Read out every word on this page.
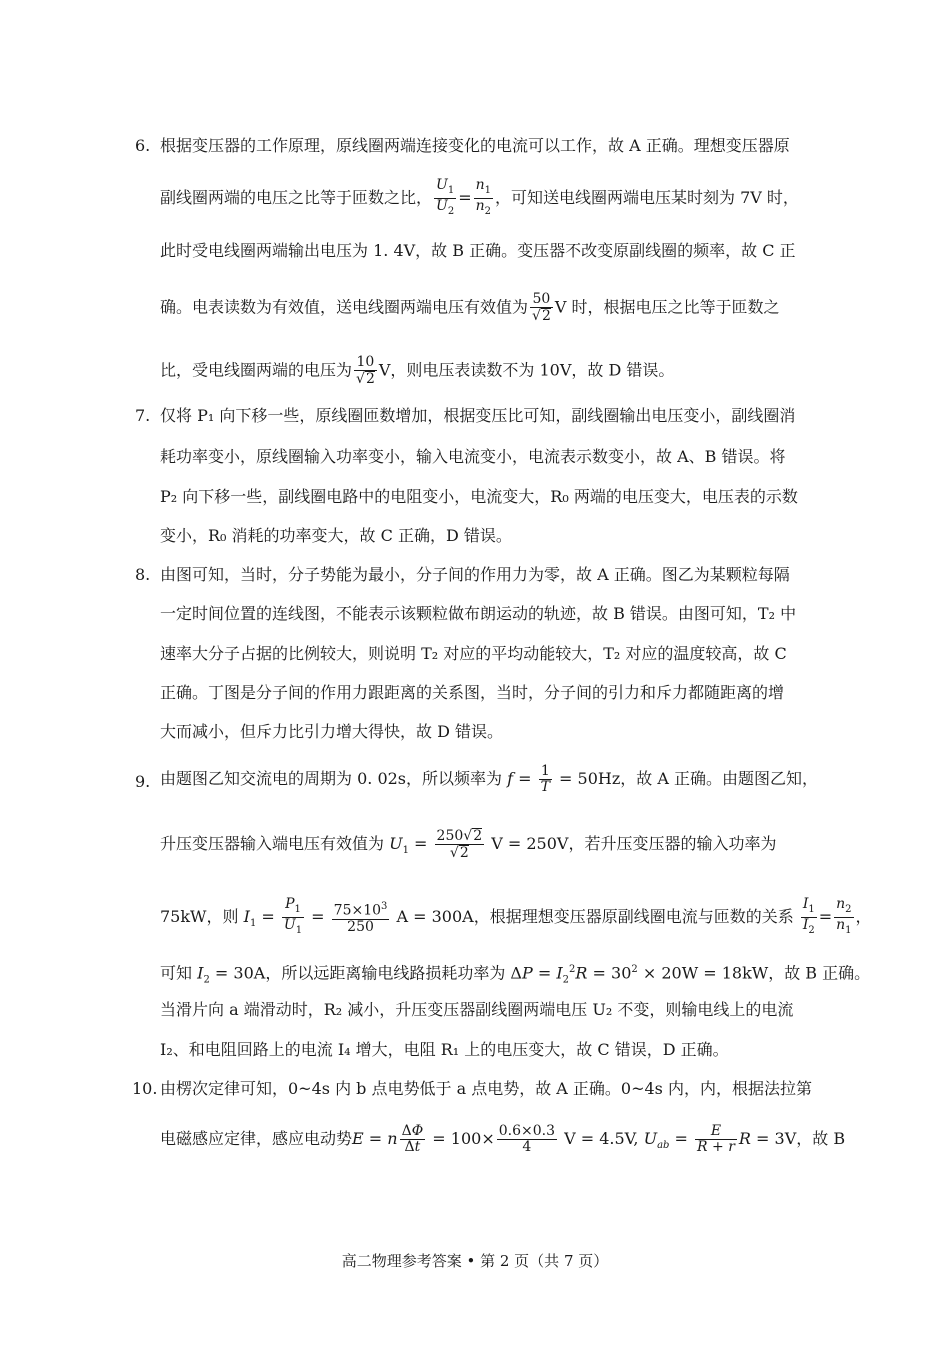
6. 根据变压器的工作原理，原线圈两端连接变化的电流可以工作，故 A 正确。理想变压器原
副线圈两端的电压之比等于匝数之比， $\frac{U_1}{U_2} = \frac{n_1}{n_2}$ ，可知送电线圈两端电压某时刻为 7V 时，
此时受电线圈两端输出电压为 1. 4V，故 B 正确。变压器不改变原副线圈的频率，故 C 正
确。电表读数为有效值，送电线圈两端电压有效值为 $\frac{50}{√2}$ V 时，根据电压之比等于匝数之
比，受电线圈两端的电压为 $\frac{10}{√2}$ V，则电压表读数不为 10V，故 D 错误。
7. 仅将 P₁ 向下移一些，原线圈匝数增加，根据变压比可知，副线圈输出电压变小，副线圈消
耗功率变小，原线圈输入功率变小，输入电流变小，电流表示数变小，故 A、B 错误。将
P₂ 向下移一些，副线圈电路中的电阻变小，电流变大，R₀ 两端的电压变大，电压表的示数
变小，R₀ 消耗的功率变大，故 C 正确，D 错误。
8. 由图可知，当时，分子势能为最小，分子间的作用力为零，故 A 正确。图乙为某颗粒每隔
一定时间位置的连线图，不能表示该颗粒做布朗运动的轨迹，故 B 错误。由图可知，T₂ 中
速率大分子占据的比例较大，则说明 T₂ 对应的平均动能较大，T₂ 对应的温度较高，故 C
正确。丁图是分子间的作用力跟距离的关系图，当时，分子间的引力和斥力都随距离的增
大而减小，但斥力比引力增大得快，故 D 错误。
9. 由题图乙知交流电的周期为 0. 02s，所以频率为 $f = \frac{1}{T} = 50Hz$，故 A 正确。由题图乙知，
升压变压器输入端电压有效值为 $U_1 = \frac{250√2}{√2}$ V = 250V，若升压变压器的输入功率为
75kW，则 $I_1 = \frac{P_1}{U_1} = \frac{75\times 10^3}{250}$ A = 300A，根据理想变压器原副线圈电流与匝数的关系 $\frac{I_1}{I_2} = \frac{n_2}{n_1}$ ，
可知 $I_2 = 30A$，所以远距离输电线路损耗功率为 $\Delta P = I_2^2R = 30^2 \times 20W = 18kW$，故 B 正确。
当滑片向 a 端滑动时，R₂ 减小，升压变压器副线圈两端电压 U₂ 不变，则输电线上的电流
I₂、和电阻回路上的电流 I₄ 增大，电阻 R₁ 上的电压变大，故 C 错误，D 正确。
10. 由楞次定律可知，0~4s 内 b 点电势低于 a 点电势，故 A 正确。0~4s 内，内，根据法拉第
电磁感应定律，感应电动势E = n $\frac{\Delta\Phi}{\Delta t} = 100\times \frac{0.6\times 0.3}{4}$ V = 4.5V, $U_{ab} = \frac{E}{R + r}$ R = 3V，故 B
高二物理参考答案 • 第 2 页（共 7 页）
